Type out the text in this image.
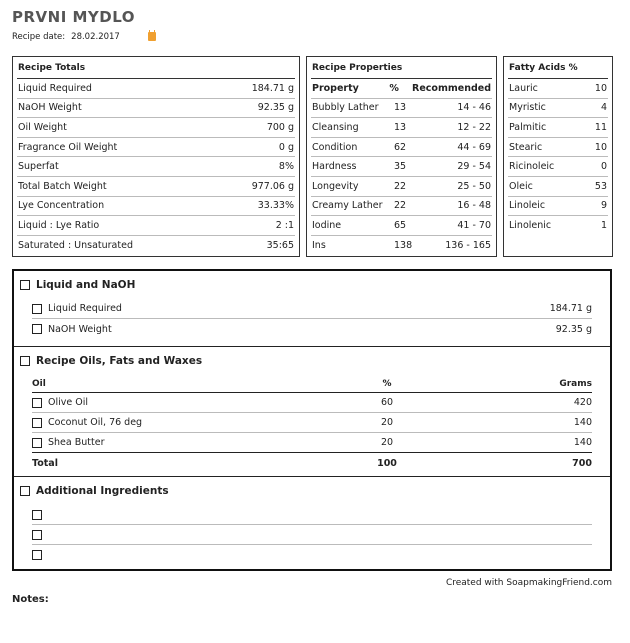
PRVNI MYDLO
Recipe date: 28.02.2017
Recipe Totals
Liquid Required	184.71 g
NaOH Weight	92.35 g
Oil Weight	700 g
Fragrance Oil Weight	0 g
Superfat	8%
Total Batch Weight	977.06 g
Lye Concentration	33.33%
Liquid : Lye Ratio	2 :1
Saturated : Unsaturated	35:65
Recipe Properties
Property	%	Recommended
Bubbly Lather	13	14 - 46
Cleansing	13	12 - 22
Condition	62	44 - 69
Hardness	35	29 - 54
Longevity	22	25 - 50
Creamy Lather	22	16 - 48
Iodine	65	41 - 70
Ins	138	136 - 165
Fatty Acids %
Lauric	10
Myristic	4
Palmitic	11
Stearic	10
Ricinoleic	0
Oleic	53
Linoleic	9
Linolenic	1
Liquid and NaOH
Liquid Required	184.71 g
NaOH Weight	92.35 g
Recipe Oils, Fats and Waxes
Oil	%	Grams
Olive Oil	60	420
Coconut Oil, 76 deg	20	140
Shea Butter	20	140
Total	100	700
Additional Ingredients
Created with SoapmakingFriend.com
Notes:
